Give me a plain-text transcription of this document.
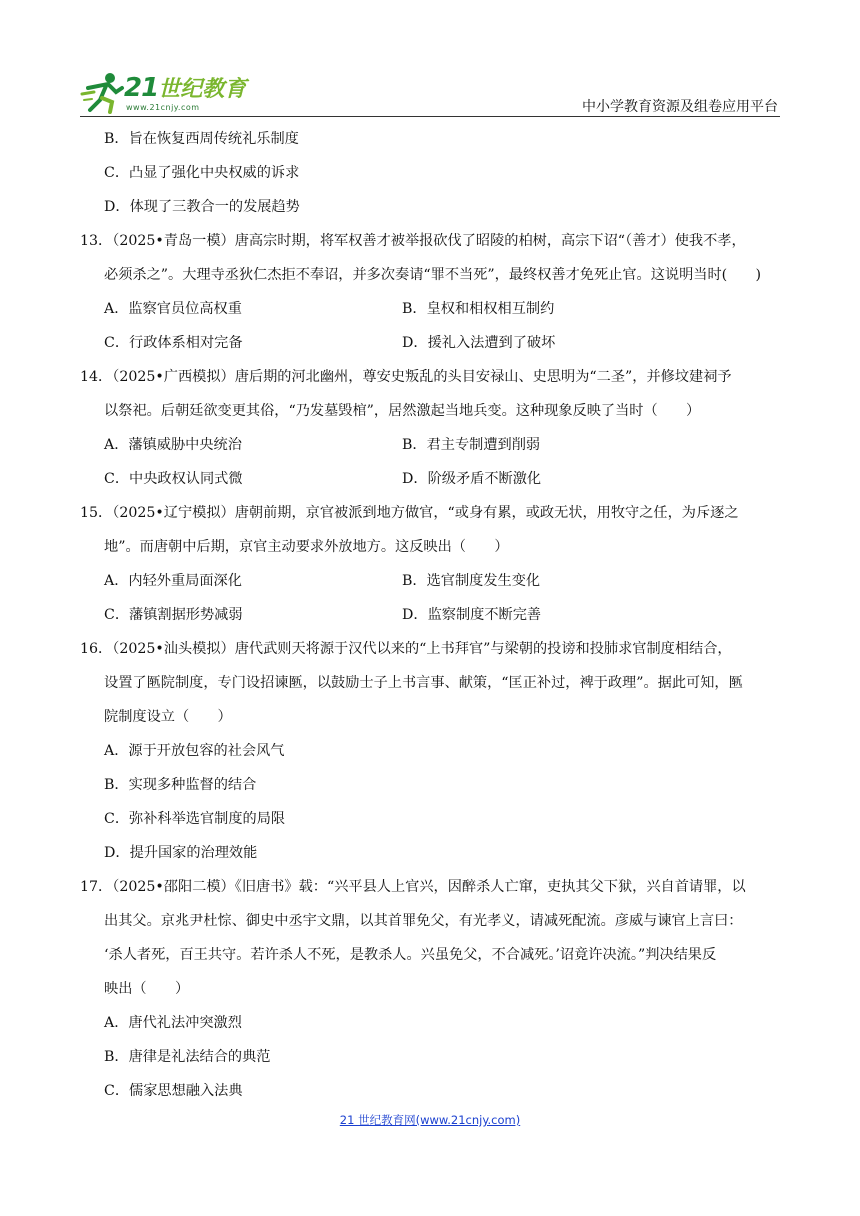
21世纪教育
www.21cnjy.com	中小学教育资源及组卷应用平台
B．旨在恢复西周传统礼乐制度
C．凸显了强化中央权威的诉求
D．体现了三教合一的发展趋势
13．（2025•青岛一模）唐高宗时期，将军权善才被举报砍伐了昭陵的柏树，高宗下诏“（善才）使我不孝，
必须杀之”。大理寺丞狄仁杰拒不奉诏，并多次奏请“罪不当死”，最终权善才免死止官。这说明当时(　　)
A．监察官员位高权重	B．皇权和相权相互制约
C．行政体系相对完备	D．援礼入法遭到了破坏
14．（2025•广西模拟）唐后期的河北幽州，尊安史叛乱的头目安禄山、史思明为“二圣”，并修坟建祠予
以祭祀。后朝廷欲变更其俗，“乃发墓毁棺”，居然激起当地兵变。这种现象反映了当时（　　）
A．藩镇威胁中央统治	B．君主专制遭到削弱
C．中央政权认同式微	D．阶级矛盾不断激化
15．（2025•辽宁模拟）唐朝前期，京官被派到地方做官，“或身有累，或政无状，用牧守之任，为斥逐之
地”。而唐朝中后期，京官主动要求外放地方。这反映出（　　）
A．内轻外重局面深化	B．选官制度发生变化
C．藩镇割据形势减弱	D．监察制度不断完善
16．（2025•汕头模拟）唐代武则天将源于汉代以来的“上书拜官”与梁朝的投谤和投肺求官制度相结合，
设置了匦院制度，专门设招谏匦，以鼓励士子上书言事、献策，“匡正补过，裨于政理”。据此可知，匦
院制度设立（　　）
A．源于开放包容的社会风气
B．实现多种监督的结合
C．弥补科举选官制度的局限
D．提升国家的治理效能
17．（2025•邵阳二模）《旧唐书》载：“兴平县人上官兴，因醉杀人亡窜，吏执其父下狱，兴自首请罪，以
出其父。京兆尹杜悰、御史中丞宇文鼎，以其首罪免父，有光孝义，请减死配流。彦威与谏官上言曰：
‘杀人者死，百王共守。若许杀人不死，是教杀人。兴虽免父，不合减死。’诏竟许决流。”判决结果反
映出（　　）
A．唐代礼法冲突激烈
B．唐律是礼法结合的典范
C．儒家思想融入法典
21 世纪教育网(www.21cnjy.com)
